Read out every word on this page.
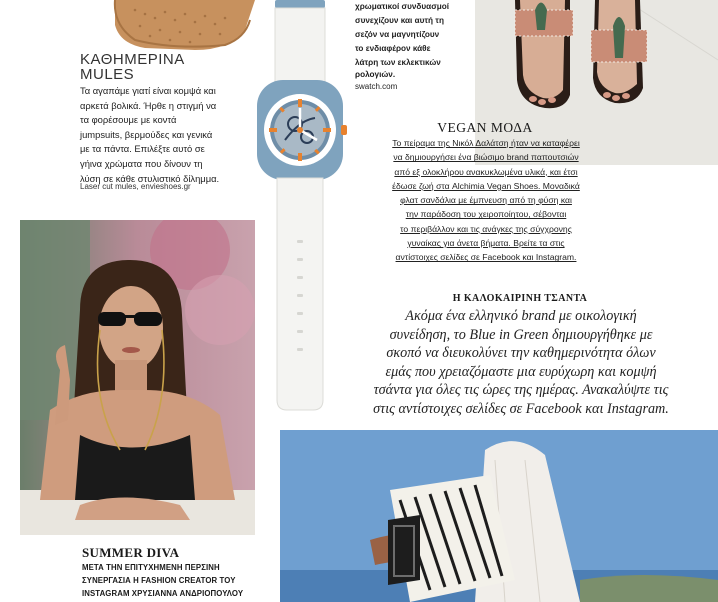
ΚΑΘΗΜΕΡΙΝΑ
MULES
Τα αγαπάμε γιατί είναι κομψά και
αρκετά βολικά. Ήρθε η στιγμή να
τα φορέσουμε με κοντά
jumpsuits, βερμούδες και γενικά
με τα πάντα. Επιλέξτε αυτό σε
γήινα χρώματα που δίνουν τη
λύση σε κάθε στυλιστικό δίλημμα.
Laser cut mules, envieshoes.gr
χρωματικοί συνδυασμοί
συνεχίζουν και αυτή τη
σεζόν να μαγνητίζουν
το ενδιαφέρον κάθε
λάτρη των εκλεκτικών
ρολογιών.
swatch.com
VEGAN ΜΟΔΑ
Το πείραμα της Νικόλ Δαλάτση ήταν να καταφέρει
να δημιουργήσει ένα βιώσιμο brand παπουτσιών
από εξ ολοκλήρου ανακυκλωμένα υλικά, και έτσι
έδωσε ζωή στα Alchimia Vegan Shoes. Μοναδικά
φλατ σανδάλια με έμπνευση από τη φύση και
την παράδοση του χειροποίητου, σέβονται
το περιβάλλον και τις ανάγκες της σύγχρονης
γυναίκας για άνετα βήματα. Βρείτε τα στις
αντίστοιχες σελίδες σε Facebook και Instagram.
Η ΚΑΛΟΚΑΙΡΙΝΗ ΤΣΑΝΤΑ
Ακόμα ένα ελληνικό brand με οικολογική
συνείδηση, το Blue in Green δημιουργήθηκε με
σκοπό να διευκολύνει την καθημερινότητα όλων
εμάς που χρειαζόμαστε μια ευρύχωρη και κομψή
τσάντα για όλες τις ώρες της ημέρας. Ανακαλύψτε τις
στις αντίστοιχες σελίδες σε Facebook και Instagram.
SUMMER DIVA
ΜΕΤΑ ΤΗΝ ΕΠΙΤΥΧΗΜΕΝΗ ΠΕΡΣΙΝΗ
ΣΥΝΕΡΓΑΣΙΑ Η FASHION CREATOR ΤΟΥ
INSTAGRAM ΧΡΥΣΙΑΝΝΑ ΑΝΔΡΙΟΠΟΥΛΟΥ
